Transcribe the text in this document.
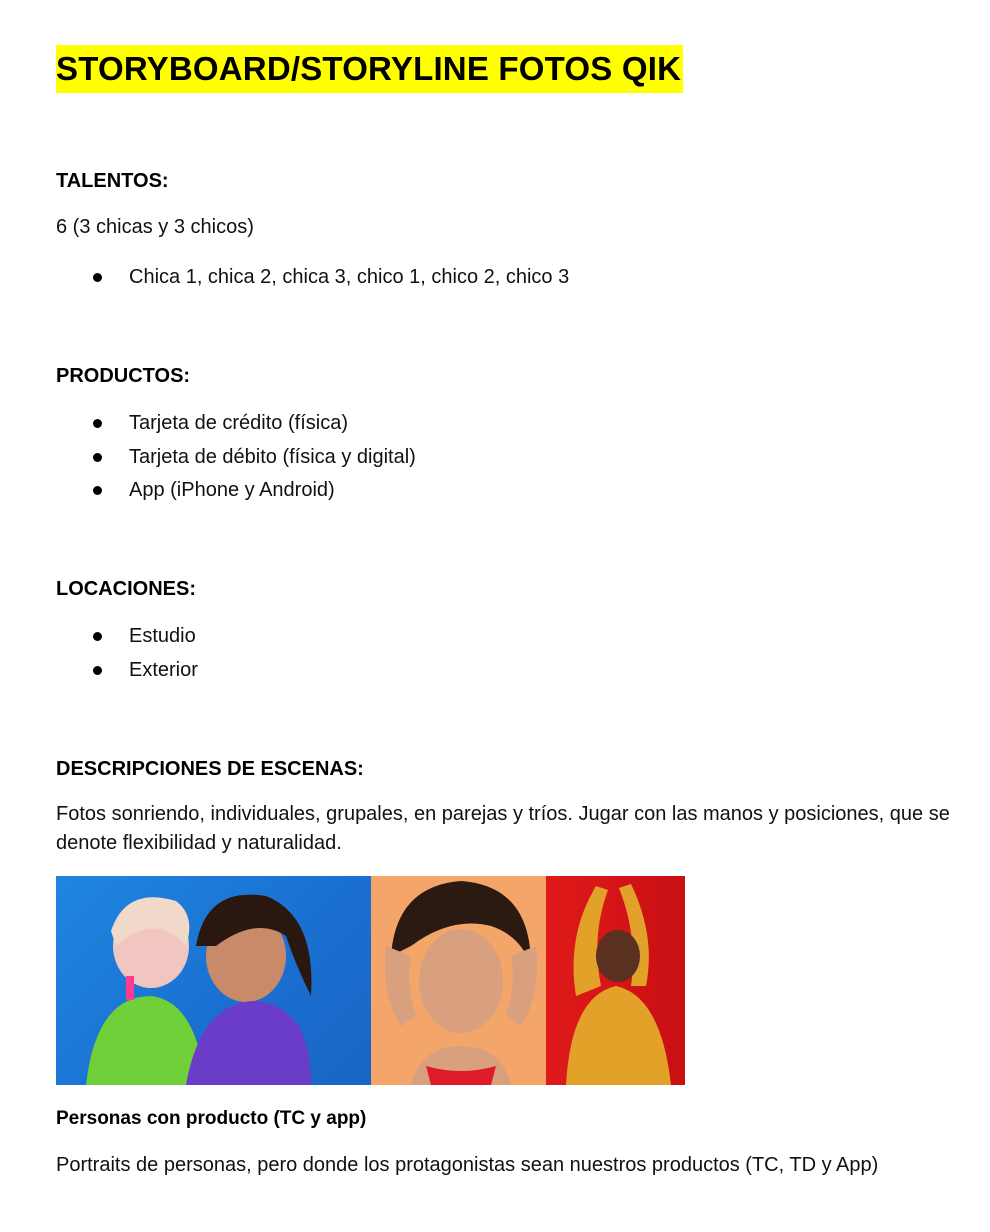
STORYBOARD/STORYLINE FOTOS QIK
TALENTOS:
6 (3 chicas y 3 chicos)
Chica 1, chica 2, chica 3, chico 1, chico 2, chico 3
PRODUCTOS:
Tarjeta de crédito (física)
Tarjeta de débito (física y digital)
App (iPhone y Android)
LOCACIONES:
Estudio
Exterior
DESCRIPCIONES DE ESCENAS:
Fotos sonriendo, individuales, grupales, en parejas y tríos. Jugar con las manos y posiciones, que se
denote flexibilidad y naturalidad.
Personas con producto (TC y app)
Portraits de personas, pero donde los protagonistas sean nuestros productos (TC, TD y App)
